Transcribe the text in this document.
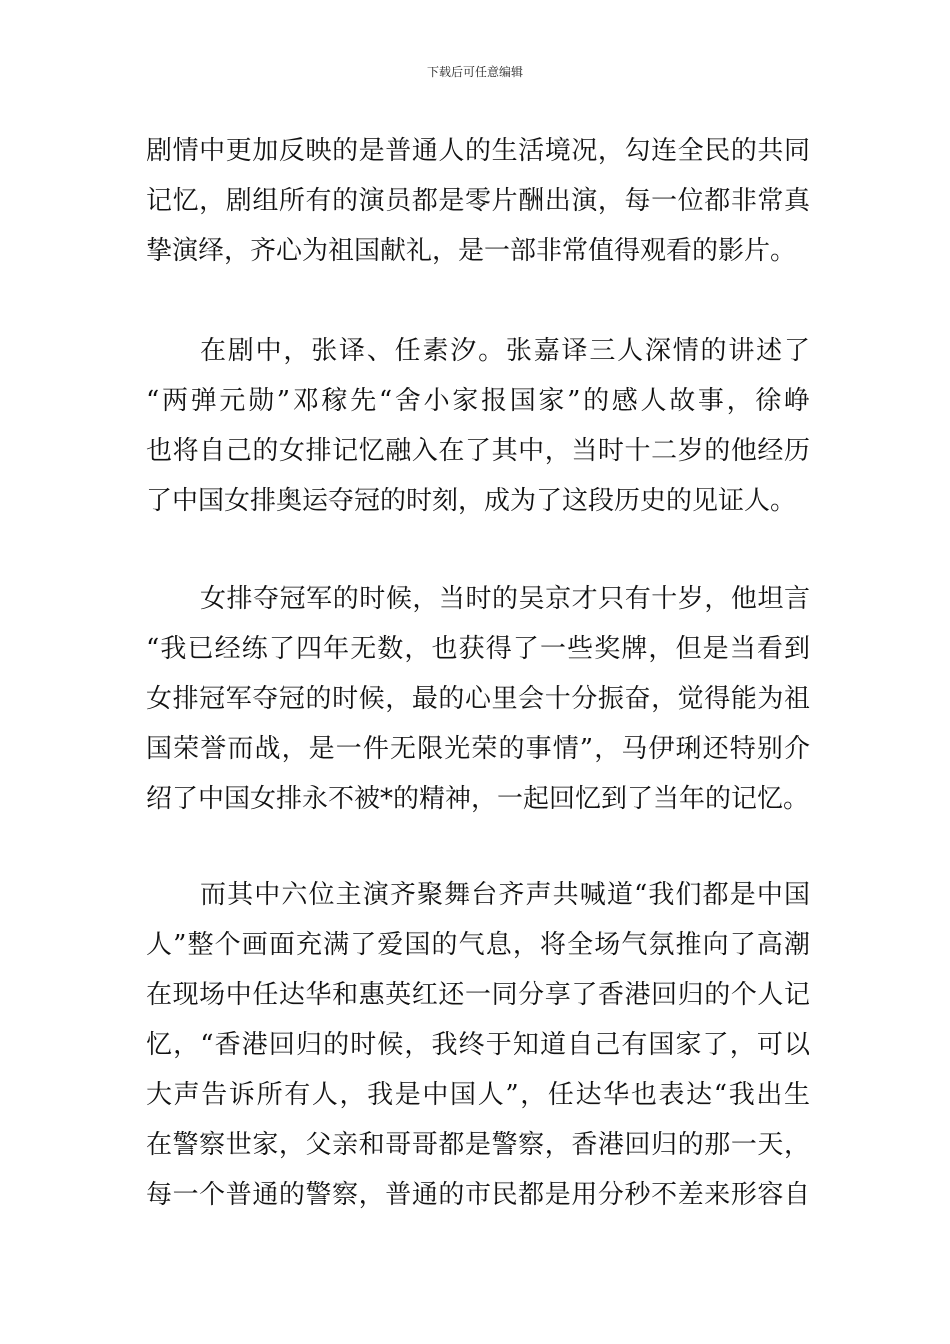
下载后可任意编辑
剧情中更加反映的是普通人的生活境况，勾连全民的共同
记忆，剧组所有的演员都是零片酬出演，每一位都非常真
挚演绎，齐心为祖国献礼，是一部非常值得观看的影片。
在剧中，张译、任素汐。张嘉译三人深情的讲述了
“两弹元勋”邓稼先“舍小家报国家”的感人故事，徐峥
也将自己的女排记忆融入在了其中，当时十二岁的他经历
了中国女排奥运夺冠的时刻，成为了这段历史的见证人。
女排夺冠军的时候，当时的吴京才只有十岁，他坦言
“我已经练了四年无数，也获得了一些奖牌，但是当看到
女排冠军夺冠的时候，最的心里会十分振奋，觉得能为祖
国荣誉而战，是一件无限光荣的事情”，马伊琍还特别介
绍了中国女排永不被*的精神，一起回忆到了当年的记忆。
而其中六位主演齐聚舞台齐声共喊道“我们都是中国
人”整个画面充满了爱国的气息，将全场气氛推向了高潮
在现场中任达华和惠英红还一同分享了香港回归的个人记
忆，“香港回归的时候，我终于知道自己有国家了，可以
大声告诉所有人，我是中国人”，任达华也表达“我出生
在警察世家，父亲和哥哥都是警察，香港回归的那一天，
每一个普通的警察，普通的市民都是用分秒不差来形容自
